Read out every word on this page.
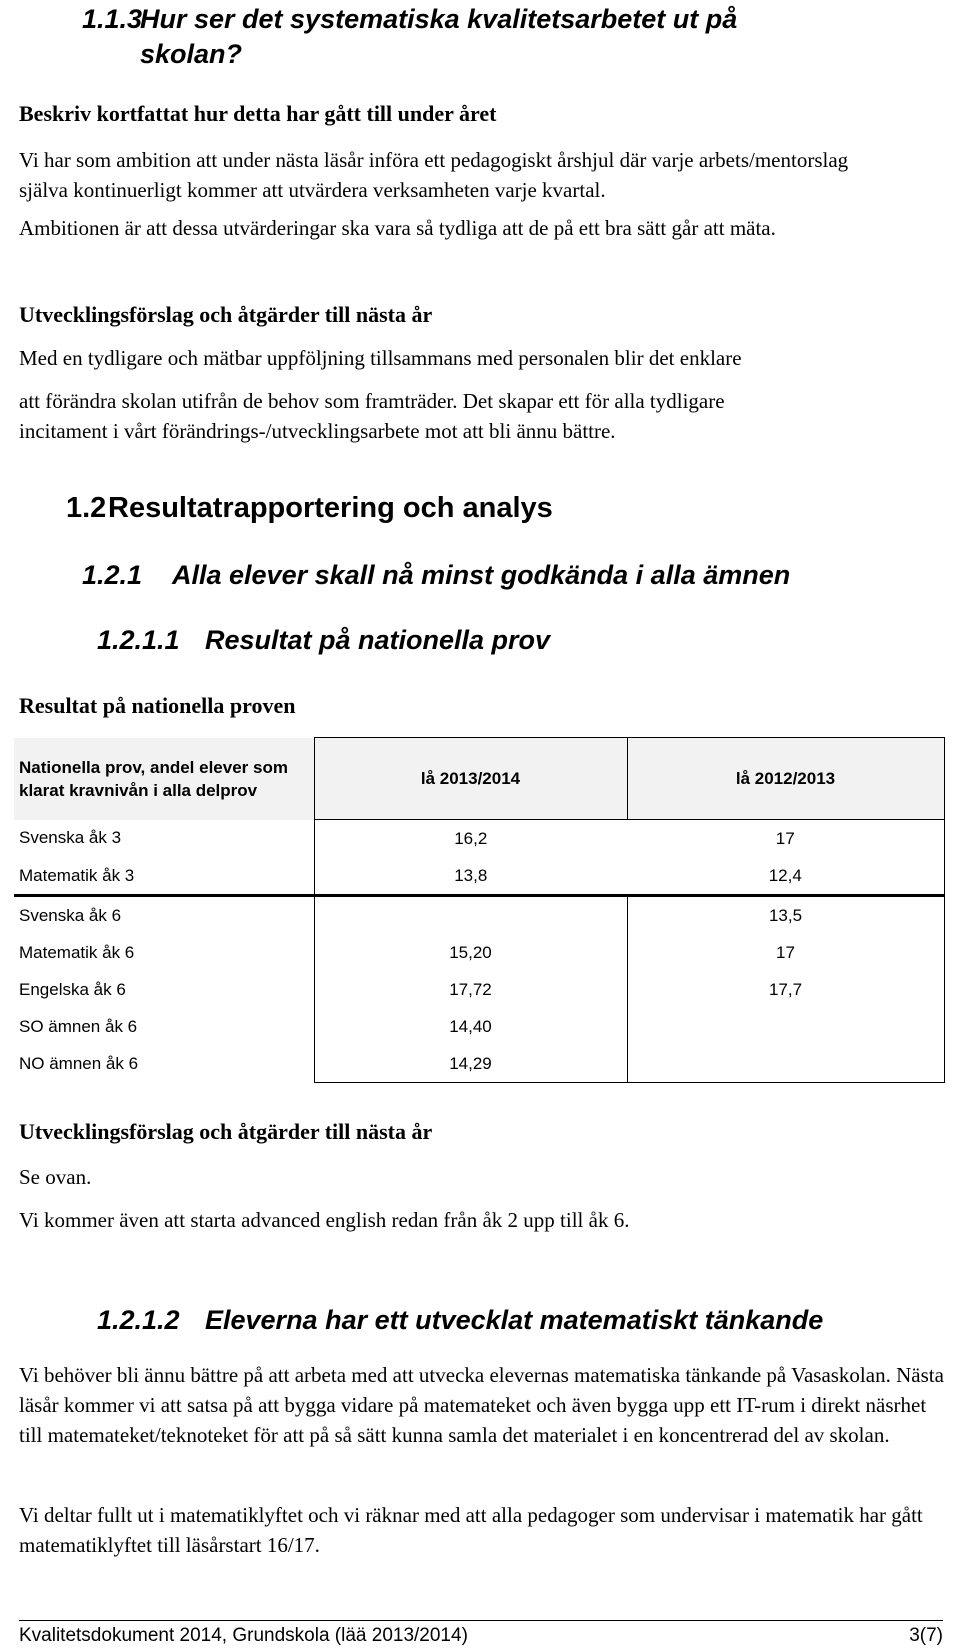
1.1.3Hur ser det systematiska kvalitetsarbetet ut på
skolan?
Beskriv kortfattat hur detta har gått till under året

Vi har som ambition att under nästa läsår införa ett pedagogiskt årshjul där varje arbets/mentorslag själva kontinuerligt kommer att utvärdera verksamheten varje kvartal.

Ambitionen är att dessa utvärderingar ska vara så tydliga att de på ett bra sätt går att mäta.

Utvecklingsförslag och åtgärder till nästa år

Med en tydligare och mätbar uppföljning tillsammans med personalen blir det enklare

att förändra skolan utifrån de behov som framträder. Det skapar ett för alla tydligare

incitament i vårt förändrings-/utvecklingsarbete mot att bli ännu bättre.

1.2Resultatrapportering och analys
1.2.1 Alla elever skall nå minst godkända i alla ämnen
1.2.1.1 Resultat på nationella prov
Resultat på nationella proven
Nationella prov, andel elever som klarat kravnivån i alla delprov	lå 2013/2014	lå 2012/2013
Svenska åk 3	16,2	17
Matematik åk 3	13,8	12,4
Svenska åk 6		13,5
Matematik åk 6	15,20	17
Engelska åk 6	17,72	17,7
SO ämnen åk 6	14,40	
NO ämnen åk 6	14,29	
Utvecklingsförslag och åtgärder till nästa år

Se ovan.

Vi kommer även att starta advanced english redan från åk 2 upp till åk 6.

1.2.1.2 Eleverna har ett utvecklat matematiskt tänkande

Vi behöver bli ännu bättre på att arbeta med att utvecka elevernas matematiska tänkande på Vasaskolan. Nästa läsår kommer vi att satsa på att bygga vidare på matemateket och även bygga upp ett IT-rum i direkt näsrhet till matemateket/teknoteket för att på så sätt kunna samla det materialet i en koncentrerad del av skolan.

Vi deltar fullt ut i matematiklyftet och vi räknar med att alla pedagoger som undervisar i matematik har gått matematiklyftet till läsårstart 16/17.

Kvalitetsdokument 2014, Grundskola (lää 2013/2014)	3(7)
